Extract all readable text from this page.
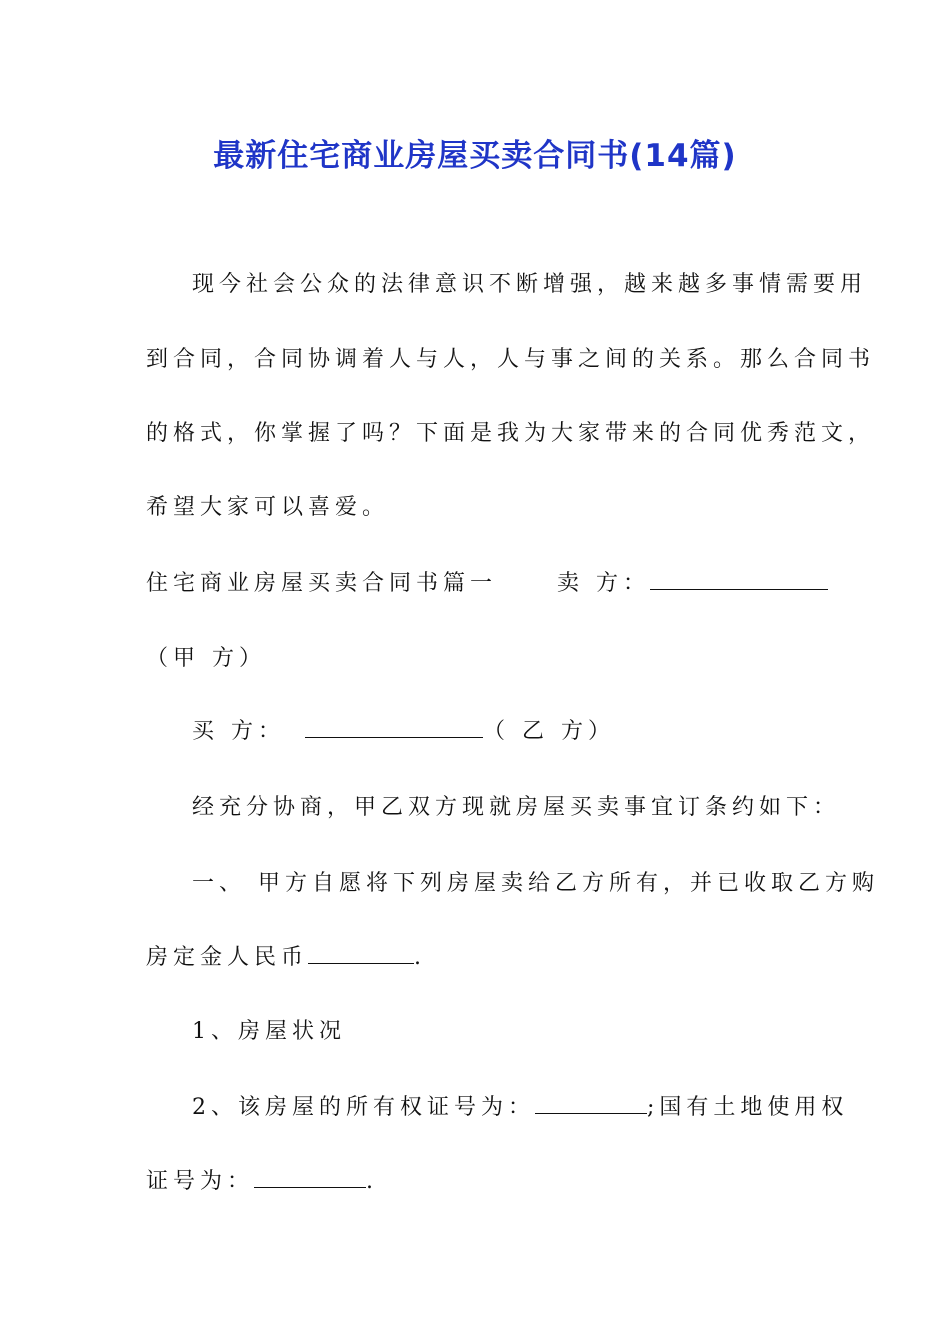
最新住宅商业房屋买卖合同书(14篇)
现今社会公众的法律意识不断增强，越来越多事情需要用
到合同，合同协调着人与人，人与事之间的关系。那么合同书
的格式，你掌握了吗？下面是我为大家带来的合同优秀范文，
希望大家可以喜爱。
住宅商业房屋买卖合同书篇一	卖 方：
（甲 方）
买 方：	（ 乙 方）
经充分协商，甲乙双方现就房屋买卖事宜订条约如下：
一、 甲方自愿将下列房屋卖给乙方所有，并已收取乙方购
房定金人民币	.
1、房屋状况
2、该房屋的所有权证号为：	;国有土地使用权
证号为：	.
